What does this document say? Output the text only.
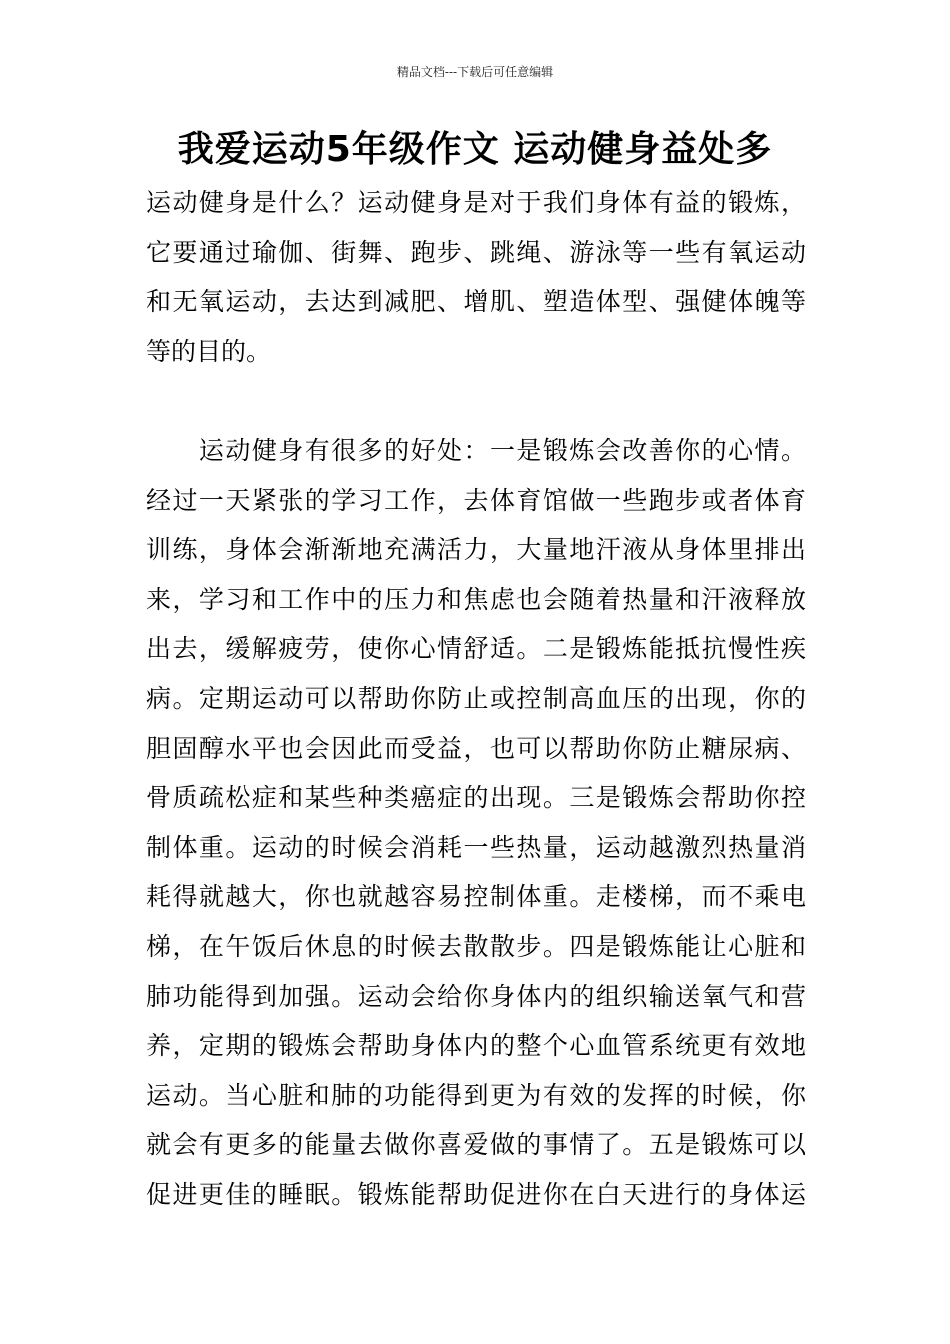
精品文档---下载后可任意编辑
我爱运动5年级作文 运动健身益处多
运动健身是什么？运动健身是对于我们身体有益的锻炼，
它要通过瑜伽、街舞、跑步、跳绳、游泳等一些有氧运动
和无氧运动，去达到减肥、增肌、塑造体型、强健体魄等
等的目的。
　　运动健身有很多的好处：一是锻炼会改善你的心情。
经过一天紧张的学习工作，去体育馆做一些跑步或者体育
训练，身体会渐渐地充满活力，大量地汗液从身体里排出
来，学习和工作中的压力和焦虑也会随着热量和汗液释放
出去，缓解疲劳，使你心情舒适。二是锻炼能抵抗慢性疾
病。定期运动可以帮助你防止或控制高血压的出现，你的
胆固醇水平也会因此而受益，也可以帮助你防止糖尿病、
骨质疏松症和某些种类癌症的出现。三是锻炼会帮助你控
制体重。运动的时候会消耗一些热量，运动越激烈热量消
耗得就越大，你也就越容易控制体重。走楼梯，而不乘电
梯，在午饭后休息的时候去散散步。四是锻炼能让心脏和
肺功能得到加强。运动会给你身体内的组织输送氧气和营
养，定期的锻炼会帮助身体内的整个心血管系统更有效地
运动。当心脏和肺的功能得到更为有效的发挥的时候，你
就会有更多的能量去做你喜爱做的事情了。五是锻炼可以
促进更佳的睡眠。锻炼能帮助促进你在白天进行的身体运
